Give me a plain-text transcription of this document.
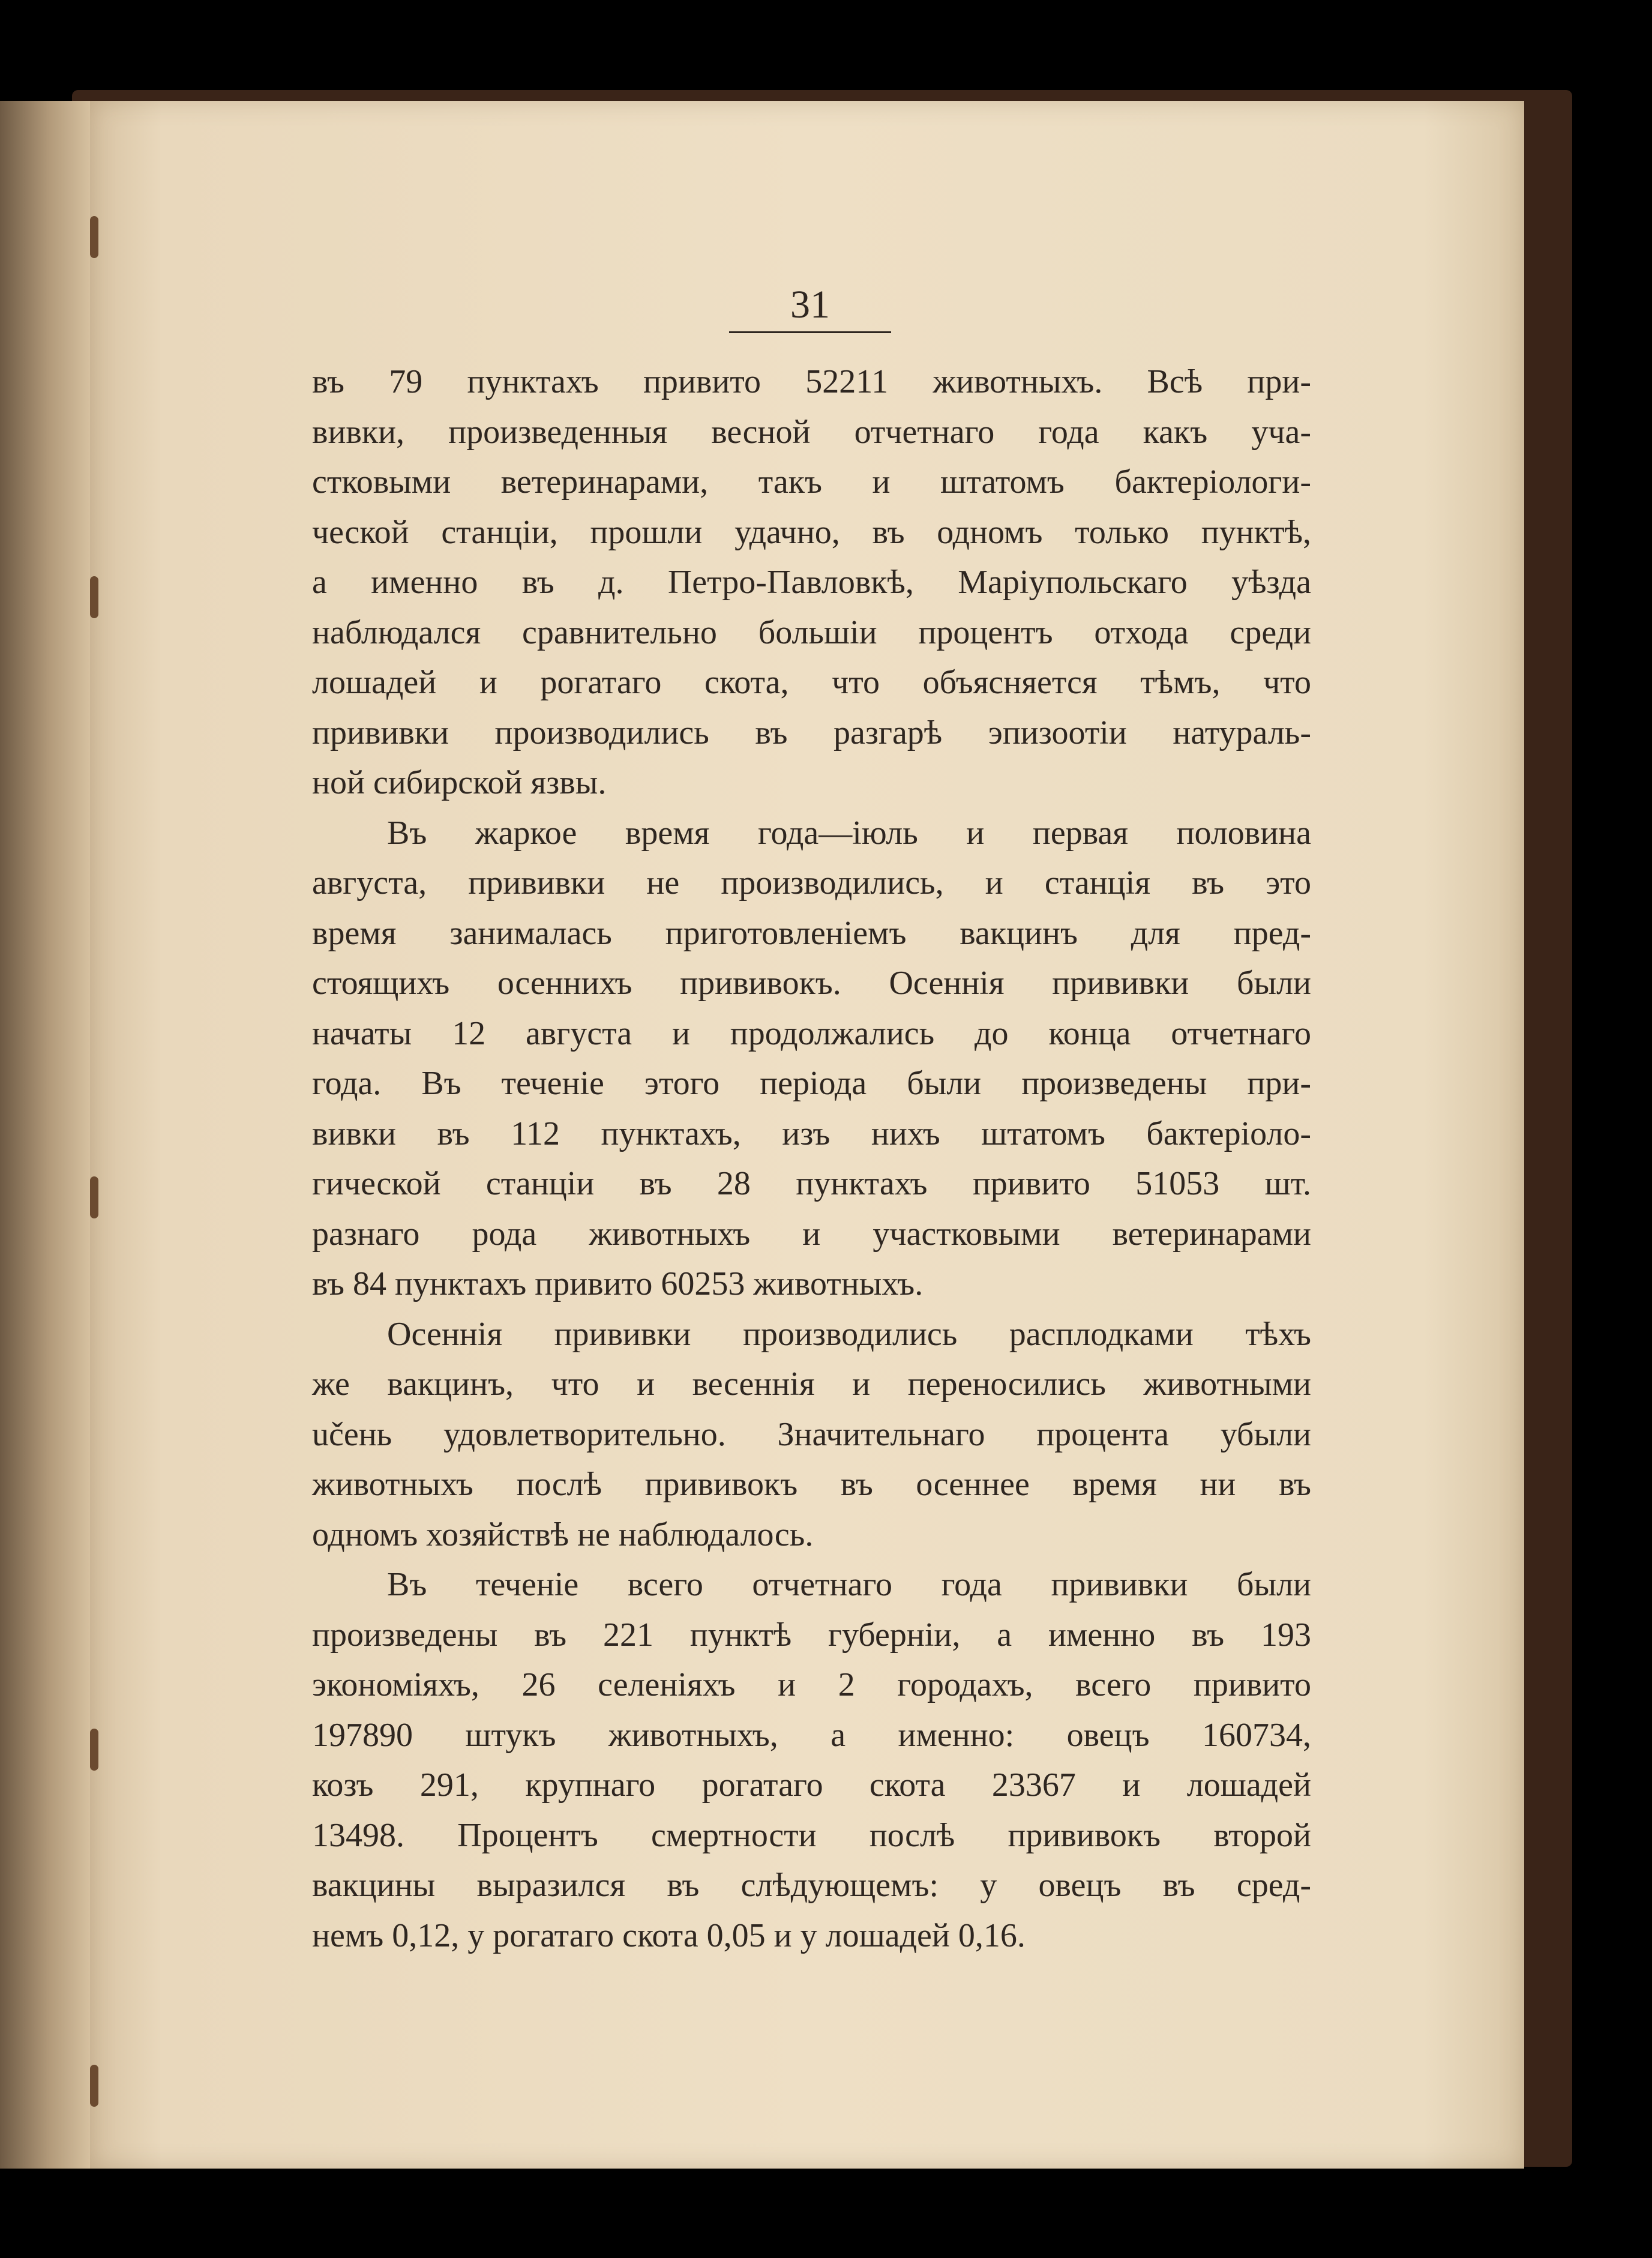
31
въ 79 пунктахъ привито 52211 животныхъ. Всѣ при-
вивки, произведенныя весной отчетнаго года какъ уча-
стковыми ветеринарами, такъ и штатомъ бактеріологи-
ческой станціи, прошли удачно, въ одномъ только пунктѣ,
а именно въ д. Петро-Павловкѣ, Маріупольскаго уѣзда
наблюдался сравнительно большіи процентъ отхода среди
лошадей и рогатаго скота, что объясняется тѣмъ, что
прививки производились въ разгарѣ эпизоотіи натураль-
ной сибирской язвы.
Въ жаркое время года—іюль и первая половина
августа, прививки не производились, и станція въ это
время занималась приготовленіемъ вакцинъ для пред-
стоящихъ осеннихъ прививокъ. Осеннія прививки были
начаты 12 августа и продолжались до конца отчетнаго
года. Въ теченіе этого періода были произведены при-
вивки въ 112 пунктахъ, изъ нихъ штатомъ бактеріоло-
гической станціи въ 28 пунктахъ привито 51053 шт.
разнаго рода животныхъ и участковыми ветеринарами
въ 84 пунктахъ привито 60253 животныхъ.
Осеннія прививки производились расплодками тѣхъ
же вакцинъ, что и весеннія и переносились животными
učень удовлетворительно. Значительнаго процента убыли
животныхъ послѣ прививокъ въ осеннее время ни въ
одномъ хозяйствѣ не наблюдалось.
Въ теченіе всего отчетнаго года прививки были
произведены въ 221 пунктѣ губерніи, а именно въ 193
экономіяхъ, 26 селеніяхъ и 2 городахъ, всего привито
197890 штукъ животныхъ, а именно: овецъ 160734,
козъ 291, крупнаго рогатаго скота 23367 и лошадей
13498. Процентъ смертности послѣ прививокъ второй
вакцины выразился въ слѣдующемъ: у овецъ въ сред-
немъ 0,12, у рогатаго скота 0,05 и у лошадей 0,16.
